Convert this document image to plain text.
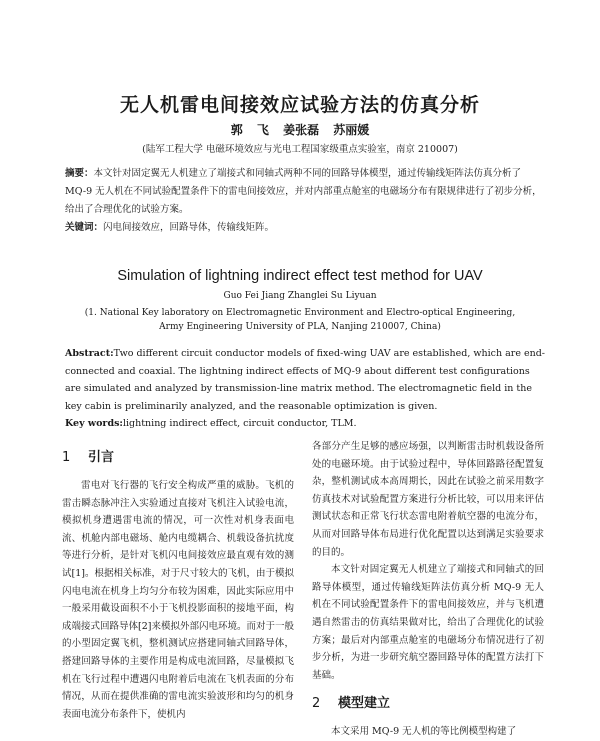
无人机雷电间接效应试验方法的仿真分析
郭 飞 姜张磊 苏丽媛
(陆军工程大学 电磁环境效应与光电工程国家级重点实验室，南京 210007)
摘要：本文针对固定翼无人机建立了端接式和同轴式两种不同的回路导体模型，通过传输线矩阵法仿真分析了 MQ-9 无人机在不同试验配置条件下的雷电间接效应，并对内部重点舱室的电磁场分布有限规律进行了初步分析，给出了合理优化的试验方案。
关键词：闪电间接效应，回路导体，传输线矩阵。
Simulation of lightning indirect effect test method for UAV
Guo Fei Jiang Zhanglei Su Liyuan
(1. National Key laboratory on Electromagnetic Environment and Electro-optical Engineering,
Army Engineering University of PLA, Nanjing 210007, China)
Abstract:Two different circuit conductor models of fixed-wing UAV are established, which are end-connected and coaxial. The lightning indirect effects of MQ-9 about different test configurations are simulated and analyzed by transmission-line matrix method. The electromagnetic field in the key cabin is preliminarily analyzed, and the reasonable optimization is given.
Key words:lightning indirect effect, circuit conductor, TLM.
1 引言

雷电对飞行器的飞行安全构成严重的威胁。飞机的雷击瞬态脉冲注入实验通过直接对飞机注入试验电流，模拟机身遭遇雷电流的情况，可一次性对机身表面电流、机舱内部电磁场、舱内电缆耦合、机载设备抗扰度等进行分析，是针对飞机闪电间接效应最直观有效的测试[1]。根据相关标准，对于尺寸较大的飞机，由于模拟闪电电流在机身上均匀分布较为困难，因此实际应用中一般采用截设面积不小于飞机投影面积的接地平面，构成端接式回路导体[2]来模拟外部闪电环境。而对于一般的小型固定翼飞机，整机测试应搭建同轴式回路导体，搭建回路导体的主要作用是构成电流回路，尽量模拟飞机在飞行过程中遭遇闪电附着后电流在飞机表面的分布情况，从而在提供准确的雷电流实验波形和均匀的机身表面电流分布条件下，使机内

各部分产生足够的感应场强，以判断雷击时机载设备所处的电磁环境。由于试验过程中，导体回路路径配置复杂，整机测试成本高周期长，因此在试验之前采用数字仿真技术对试验配置方案进行分析比较，可以用来评估测试状态和正常飞行状态雷电附着航空器的电流分布，从而对回路导体布局进行优化配置以达到满足实验要求的目的。

本文针对固定翼无人机建立了端接式和同轴式的回路导体模型，通过传输线矩阵法仿真分析 MQ-9 无人机在不同试验配置条件下的雷电间接效应，并与飞机遭遇自然雷击的仿真结果做对比，给出了合理优化的试验方案；最后对内部重点舱室的电磁场分布情况进行了初步分析，为进一步研究航空器回路导体的配置方法打下基础。

2 模型建立

本文采用 MQ-9 无人机的等比例模型构建了
